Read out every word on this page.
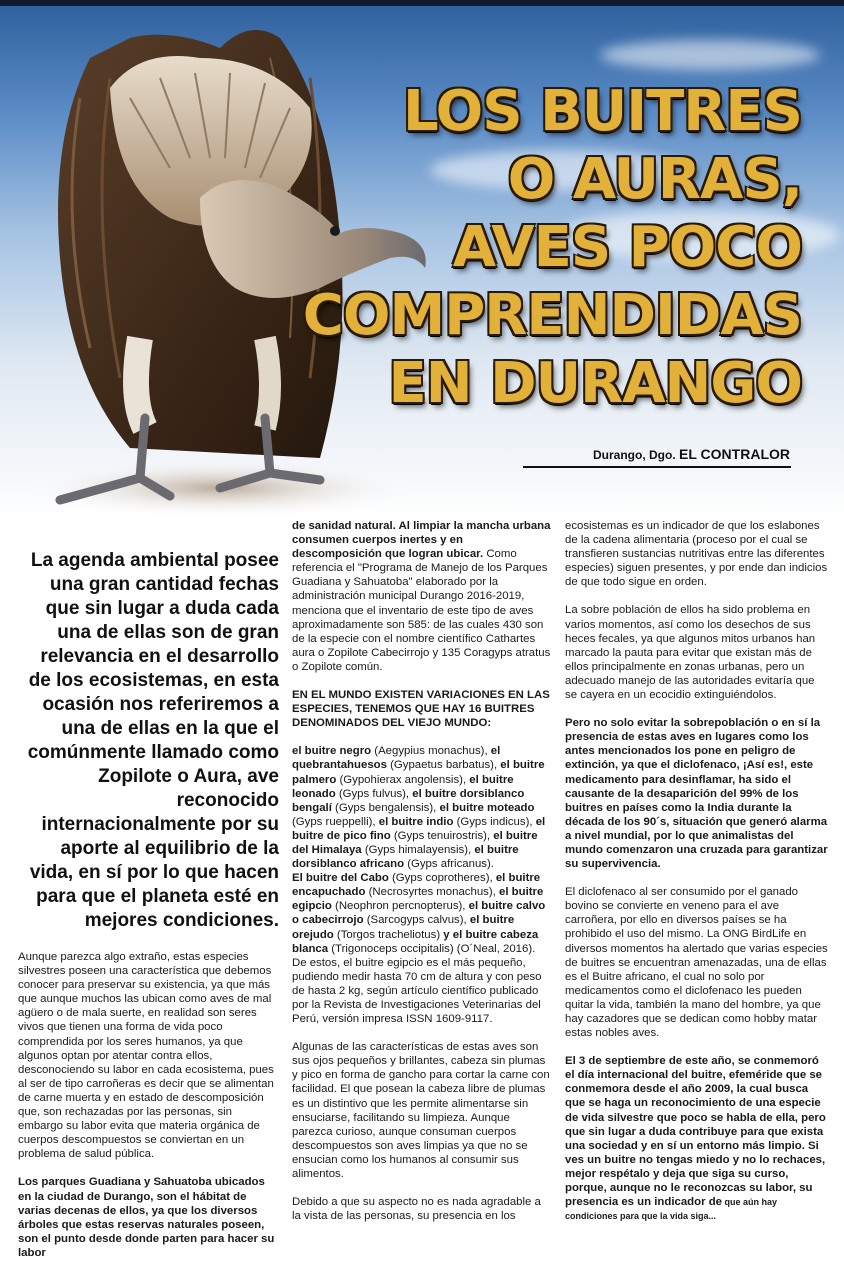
LOS BUITRES
O AURAS,
AVES POCO
COMPRENDIDAS
EN DURANGO
Durango, Dgo. EL CONTRALOR

La agenda ambiental posee una gran cantidad fechas que sin lugar a duda cada una de ellas son de gran relevancia en el desarrollo de los ecosistemas, en esta ocasión nos referiremos a una de ellas en la que el comúnmente llamado como Zopilote o Aura, ave reconocido internacionalmente por su aporte al equilibrio de la vida, en sí por lo que hacen para que el planeta esté en mejores condiciones.

Aunque parezca algo extraño, estas especies silvestres poseen una característica que debemos conocer para preservar su existencia, ya que más que aunque muchos las ubican como aves de mal agüero o de mala suerte, en realidad son seres vivos que tienen una forma de vida poco comprendida por los seres humanos, ya que algunos optan por atentar contra ellos, desconociendo su labor en cada ecosistema, pues al ser de tipo carroñeras es decir que se alimentan de carne muerta y en estado de descomposición que, son rechazadas por las personas, sin embargo su labor evita que materia orgánica de cuerpos descompuestos se conviertan en un problema de salud pública.

Los parques Guadiana y Sahuatoba ubicados en la ciudad de Durango, son el hábitat de varias decenas de ellos, ya que los diversos árboles que estas reservas naturales poseen, son el punto desde donde parten para hacer su labor

de sanidad natural. Al limpiar la mancha urbana consumen cuerpos inertes y en descomposición que logran ubicar. Como referencia el "Programa de Manejo de los Parques Guadiana y Sahuatoba" elaborado por la administración municipal Durango 2016-2019, menciona que el inventario de este tipo de aves aproximadamente son 585: de las cuales 430 son de la especie con el nombre científico Cathartes aura o Zopilote Cabecirrojo y 135 Coragyps atratus o Zopilote común.

EN EL MUNDO EXISTEN VARIACIONES EN LAS ESPECIES, TENEMOS QUE HAY 16 BUITRES DENOMINADOS DEL VIEJO MUNDO:

el buitre negro (Aegypius monachus), el quebrantahuesos (Gypaetus barbatus), el buitre palmero (Gypohierax angolensis), el buitre leonado (Gyps fulvus), el buitre dorsiblanco bengalí (Gyps bengalensis), el buitre moteado (Gyps rueppelli), el buitre indio (Gyps indicus), el buitre de pico fino (Gyps tenuirostris), el buitre del Himalaya (Gyps himalayensis), el buitre dorsiblanco africano (Gyps africanus).
El buitre del Cabo (Gyps coprotheres), el buitre encapuchado (Necrosyrtes monachus), el buitre egipcio (Neophron percnopterus), el buitre calvo o cabecirrojo (Sarcogyps calvus), el buitre orejudo (Torgos tracheliotus) y el buitre cabeza blanca (Trigonoceps occipitalis) (O´Neal, 2016). De estos, el buitre egipcio es el más pequeño, pudiendo medir hasta 70 cm de altura y con peso de hasta 2 kg, según artículo científico publicado por la Revista de Investigaciones Veterinarias del Perú, versión impresa ISSN 1609-9117.

Algunas de las características de estas aves son sus ojos pequeños y brillantes, cabeza sin plumas y pico en forma de gancho para cortar la carne con facilidad. El que posean la cabeza libre de plumas es un distintivo que les permite alimentarse sin ensuciarse, facilitando su limpieza. Aunque parezca curioso, aunque consuman cuerpos descompuestos son aves limpias ya que no se ensucian como los humanos al consumir sus alimentos.

Debido a que su aspecto no es nada agradable a la vista de las personas, su presencia en los

ecosistemas es un indicador de que los eslabones de la cadena alimentaria (proceso por el cual se transfieren sustancias nutritivas entre las diferentes especies) siguen presentes, y por ende dan indicios de que todo sigue en orden.

La sobre población de ellos ha sido problema en varios momentos, así como los desechos de sus heces fecales, ya que algunos mitos urbanos han marcado la pauta para evitar que existan más de ellos principalmente en zonas urbanas, pero un adecuado manejo de las autoridades evitaría que se cayera en un ecocidio extinguiéndolos.

Pero no solo evitar la sobrepoblación o en sí la presencia de estas aves en lugares como los antes mencionados los pone en peligro de extinción, ya que el diclofenaco, ¡Así es!, este medicamento para desinflamar, ha sido el causante de la desaparición del 99% de los buitres en países como la India durante la década de los 90´s, situación que generó alarma a nivel mundial, por lo que animalistas del mundo comenzaron una cruzada para garantizar su supervivencia.

El diclofenaco al ser consumido por el ganado bovino se convierte en veneno para el ave carroñera, por ello en diversos países se ha prohibido el uso del mismo. La ONG BirdLife en diversos momentos ha alertado que varias especies de buitres se encuentran amenazadas, una de ellas es el Buitre africano, el cual no solo por medicamentos como el diclofenaco les pueden quitar la vida, también la mano del hombre, ya que hay cazadores que se dedican como hobby matar estas nobles aves.

El 3 de septiembre de este año, se conmemoró el día internacional del buitre, efeméride que se conmemora desde el año 2009, la cual busca que se haga un reconocimiento de una especie de vida silvestre que poco se habla de ella, pero que sin lugar a duda contribuye para que exista una sociedad y en sí un entorno más limpio. Si ves un buitre no tengas miedo y no lo rechaces, mejor respétalo y deja que siga su curso, porque, aunque no le reconozcas su labor, su presencia es un indicador de que aún hay condiciones para que la vida siga...
